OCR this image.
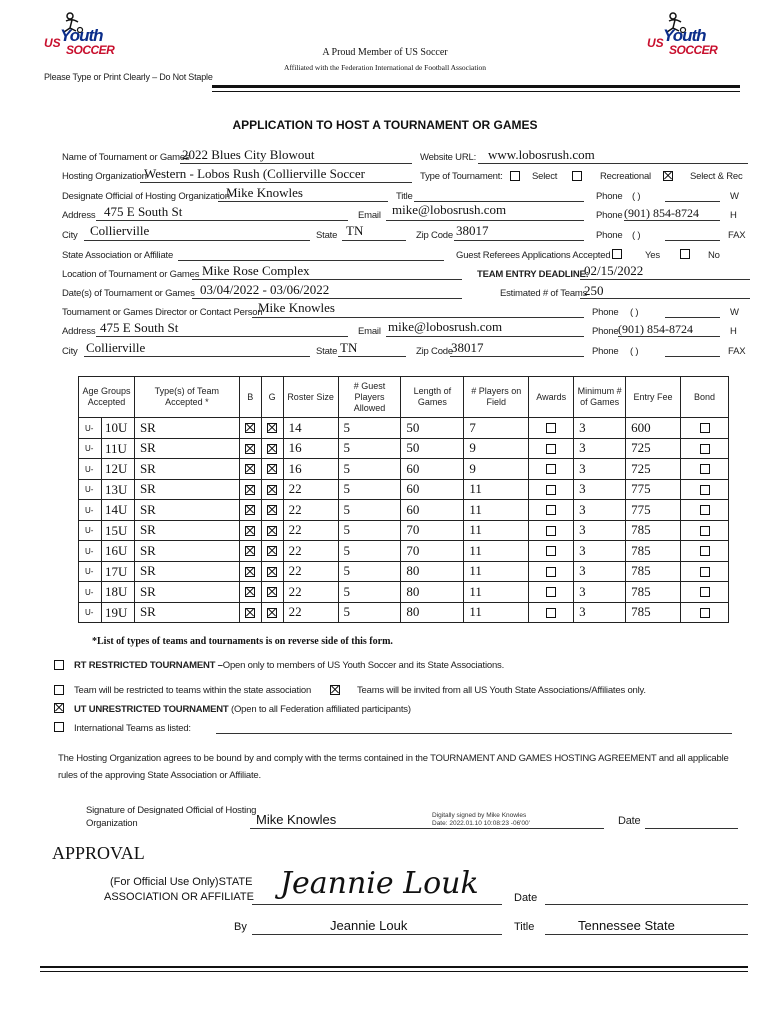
US Youth
SOCCER	US Youth
SOCCER
A Proud Member of US Soccer
Affiliated with the Federation International de Football Association
Please Type or Print Clearly – Do Not Staple
APPLICATION TO HOST A TOURNAMENT OR GAMES
Name of Tournament or Games
2022 Blues City Blowout	Website URL: www.lobosrush.com
Hosting Organization
Western - Lobos Rush (Collierville Soccer	Type of Tournament:	Select	Recreational	Select & Rec
Designate Official of Hosting Organization
Mike Knowles	Title	Phone ( )	W
Address 475 E South St	Email mike@lobosrush.com	Phone (901) 854-8724	H
City Collierville	State TN	Zip Code 38017	Phone ( )	FAX
State Association or Affiliate	Guest Referees Applications Accepted	Yes	No
Location of Tournament or Games Mike Rose Complex	TEAM ENTRY DEADLINE:
02/15/2022
Date(s) of Tournament or Games 03/04/2022 - 03/06/2022	Estimated # of Teams
250
Tournament or Games Director or Contact Person
Mike Knowles	Phone ( )	W
Address 475 E South St	Email mike@lobosrush.com	Phone (901) 854-8724	H
City Collierville	State TN	Zip Code
38017	Phone ( )	FAX
Age Groups Accepted	Type(s) of Team Accepted *	B	G	Roster Size	# Guest Players Allowed	Length of Games	# Players on Field	Awards	Minimum # of Games	Entry Fee	Bond
U- 10U	SR			14	5	50	7		3	600	

U- 11U	SR			16	5	50	9		3	725	

U- 12U	SR			16	5	60	9		3	725	

U- 13U	SR			22	5	60	11		3	775	

U- 14U	SR			22	5	60	11		3	775	

U- 15U	SR			22	5	70	11		3	785	

U- 16U	SR			22	5	70	11		3	785	

U- 17U	SR			22	5	80	11		3	785	

U- 18U	SR			22	5	80	11		3	785	

U- 19U	SR			22	5	80	11		3	785	
*List of types of teams and tournaments is on reverse side of this form.
RT RESTRICTED TOURNAMENT –Open only to members of US Youth Soccer and its State Associations.
Team will be restricted to teams within the state association	Teams will be invited from all US Youth State Associations/Affiliates only.
UT UNRESTRICTED TOURNAMENT (Open to all Federation affiliated participants)
International Teams as listed:
The Hosting Organization agrees to be bound by and comply with the terms contained in the TOURNAMENT AND GAMES HOSTING AGREEMENT and all applicable
rules of the approving State Association or Affiliate.
Signature of Designated Official of Hosting
Organization	Mike Knowles	Digitally signed by Mike Knowles
Date: 2022.01.10 10:08:23 -06'00'	Date
APPROVAL
(For Official Use Only)STATE
ASSOCIATION OR AFFILIATE Jeannie Louk	Date
By	Jeannie Louk	Title	Tennessee State
